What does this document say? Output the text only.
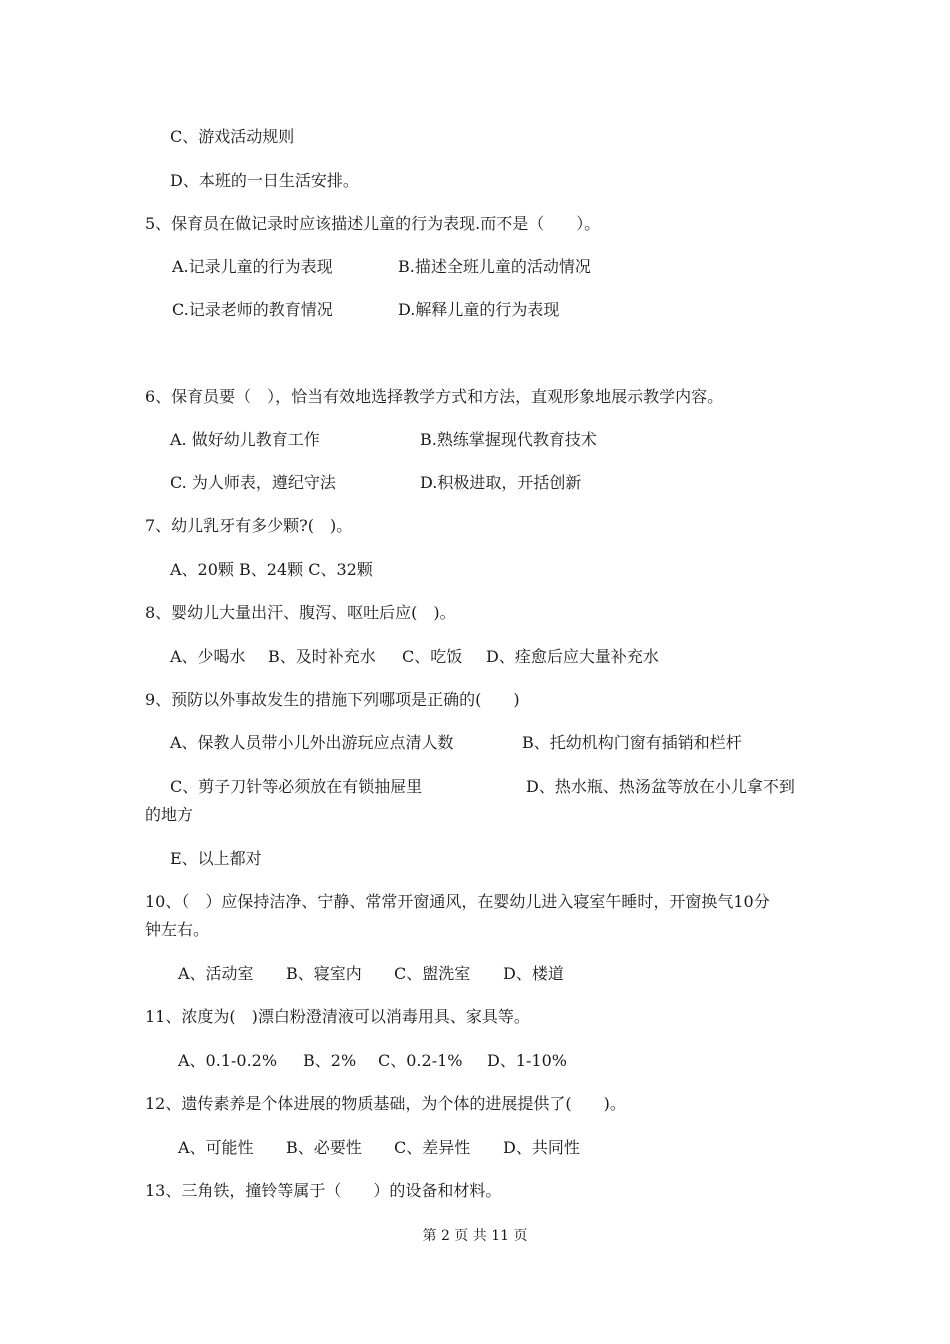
C、游戏活动规则
D、本班的一日生活安排。
5、保育员在做记录时应该描述儿童的行为表现.而不是（　　）。
A.记录儿童的行为表现	B.描述全班儿童的活动情况
C.记录老师的教育情况	D.解释儿童的行为表现
6、保育员要（　），恰当有效地选择教学方式和方法，直观形象地展示教学内容。
A. 做好幼儿教育工作	B.熟练掌握现代教育技术
C. 为人师表，遵纪守法	D.积极进取，开括创新
7、幼儿乳牙有多少颗?(　)。
A、20颗 B、24颗 C、32颗
8、婴幼儿大量出汗、腹泻、呕吐后应(　)。
A、少喝水 B、及时补充水 C、吃饭 D、痊愈后应大量补充水
9、预防以外事故发生的措施下列哪项是正确的(　　)
A、保教人员带小儿外出游玩应点清人数	B、托幼机构门窗有插销和栏杆
C、剪子刀针等必须放在有锁抽屉里	D、热水瓶、热汤盆等放在小儿拿不到
的地方
E、以上都对
10、（　）应保持洁净、宁静、常常开窗通风，在婴幼儿进入寝室午睡时，开窗换气10分
钟左右。
A、活动室 B、寝室内 C、盥洗室 D、楼道
11、浓度为(　)漂白粉澄清液可以消毒用具、家具等。
A、0.1-0.2% B、2% C、0.2-1% D、1-10%
12、遗传素养是个体进展的物质基础，为个体的进展提供了(　　)。
A、可能性 B、必要性 C、差异性 D、共同性
13、三角铁，撞铃等属于（　　）的设备和材料。
第 2 页 共 11 页
